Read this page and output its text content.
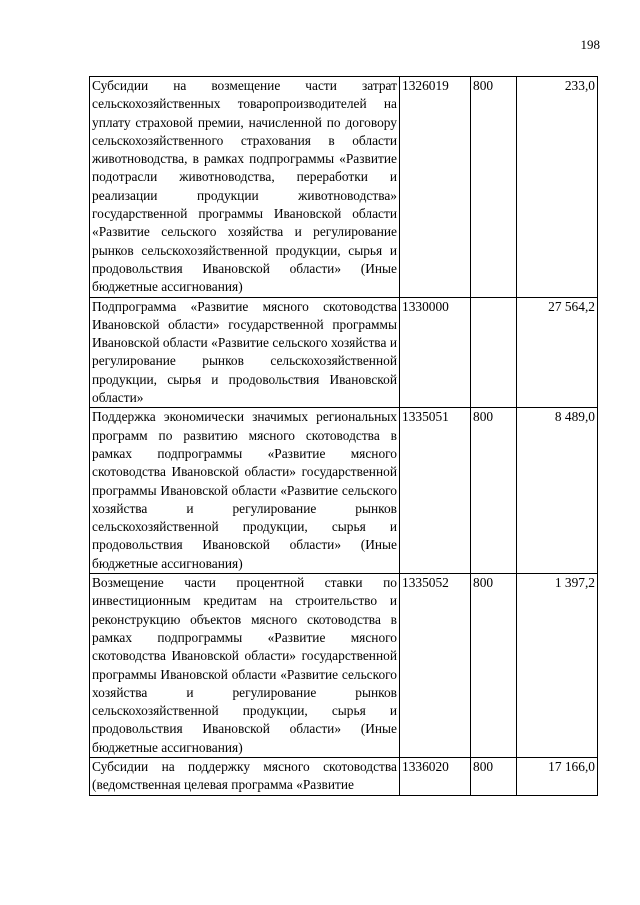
198
Субсидии на возмещение части затрат сельскохозяйственных товаропроизводителей на уплату страховой премии, начисленной по договору сельскохозяйственного страхования в области животноводства, в рамках подпрограммы «Развитие подотрасли животноводства, переработки и реализации продукции животноводства» государственной программы Ивановской области «Развитие сельского хозяйства и регулирование рынков сельскохозяйственной продукции, сырья и продовольствия Ивановской области» (Иные бюджетные ассигнования)	1326019	800	233,0
Подпрограмма «Развитие мясного скотоводства Ивановской области» государственной программы Ивановской области «Развитие сельского хозяйства и регулирование рынков сельскохозяйственной продукции, сырья и продовольствия Ивановской области»	1330000		27 564,2
Поддержка экономически значимых региональных программ по развитию мясного скотоводства в рамках подпрограммы «Развитие мясного скотоводства Ивановской области» государственной программы Ивановской области «Развитие сельского хозяйства и регулирование рынков сельскохозяйственной продукции, сырья и продовольствия Ивановской области» (Иные бюджетные ассигнования)	1335051	800	8 489,0
Возмещение части процентной ставки по инвестиционным кредитам на строительство и реконструкцию объектов мясного скотоводства в рамках подпрограммы «Развитие мясного скотоводства Ивановской области» государственной программы Ивановской области «Развитие сельского хозяйства и регулирование рынков сельскохозяйственной продукции, сырья и продовольствия Ивановской области» (Иные бюджетные ассигнования)	1335052	800	1 397,2
Субсидии на поддержку мясного скотоводства (ведомственная целевая программа «Развитие	1336020	800	17 166,0
